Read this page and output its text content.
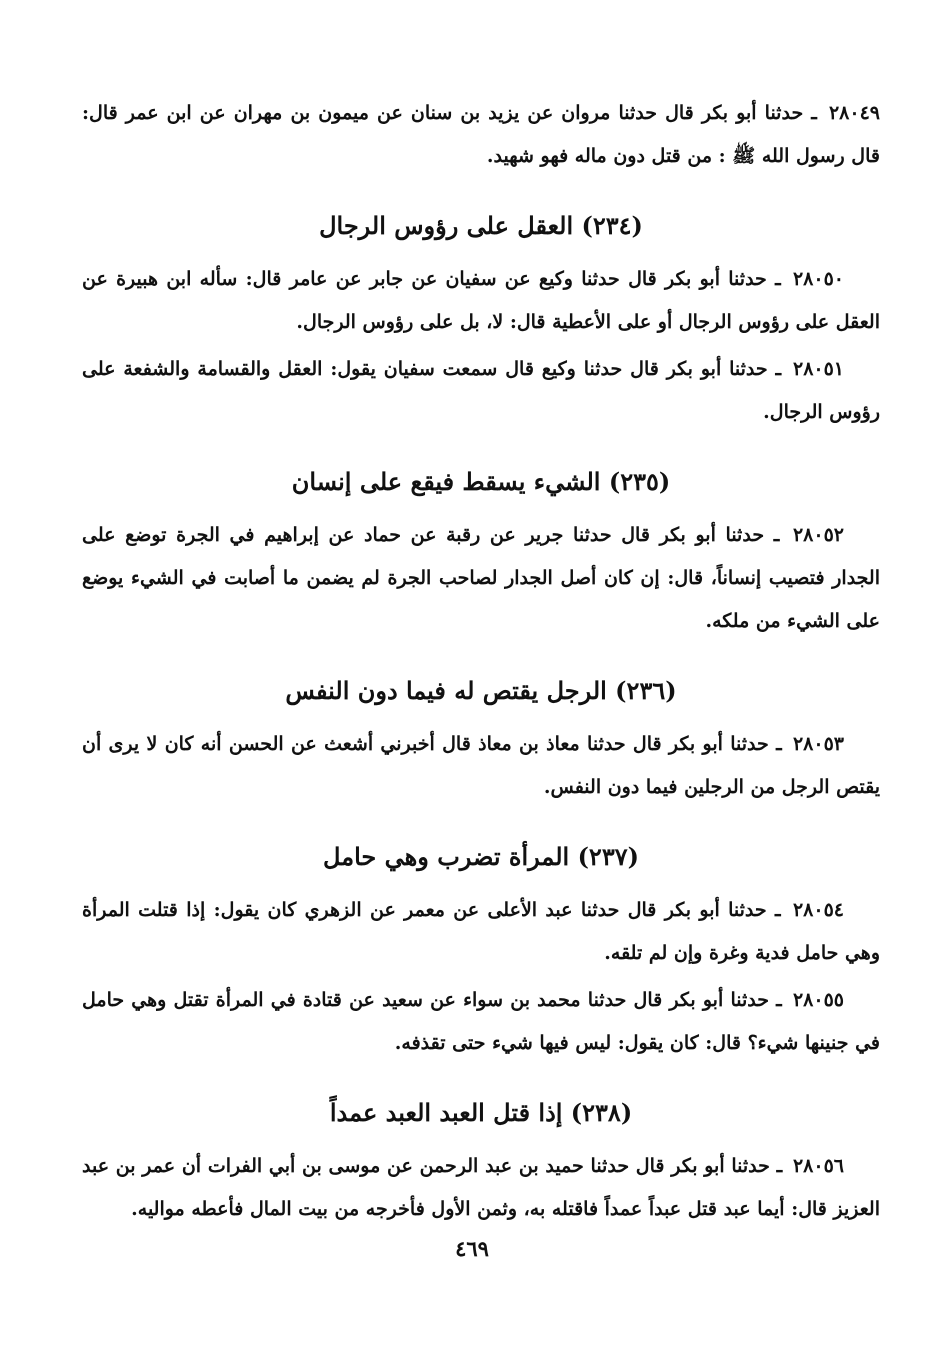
٢٨٠٤٩ ـ حدثنا أبو بكر قال حدثنا مروان عن يزيد بن سنان عن ميمون بن مهران عن ابن عمر قال: قال رسول الله ﷺ : من قتل دون ماله فهو شهيد.

(٢٣٤) العقل على رؤوس الرجال

٢٨٠٥٠ ـ حدثنا أبو بكر قال حدثنا وكيع عن سفيان عن جابر عن عامر قال: سأله ابن هبيرة عن العقل على رؤوس الرجال أو على الأعطية قال: لا، بل على رؤوس الرجال.

٢٨٠٥١ ـ حدثنا أبو بكر قال حدثنا وكيع قال سمعت سفيان يقول: العقل والقسامة والشفعة على رؤوس الرجال.

(٢٣٥) الشيء يسقط فيقع على إنسان

٢٨٠٥٢ ـ حدثنا أبو بكر قال حدثنا جرير عن رقبة عن حماد عن إبراهيم في الجرة توضع على الجدار فتصيب إنساناً، قال: إن كان أصل الجدار لصاحب الجرة لم يضمن ما أصابت في الشيء يوضع على الشيء من ملكه.

(٢٣٦) الرجل يقتص له فيما دون النفس

٢٨٠٥٣ ـ حدثنا أبو بكر قال حدثنا معاذ بن معاذ قال أخبرني أشعث عن الحسن أنه كان لا يرى أن يقتص الرجل من الرجلين فيما دون النفس.

(٢٣٧) المرأة تضرب وهي حامل

٢٨٠٥٤ ـ حدثنا أبو بكر قال حدثنا عبد الأعلى عن معمر عن الزهري كان يقول: إذا قتلت المرأة وهي حامل فدية وغرة وإن لم تلقه.

٢٨٠٥٥ ـ حدثنا أبو بكر قال حدثنا محمد بن سواء عن سعيد عن قتادة في المرأة تقتل وهي حامل في جنينها شيء؟ قال: كان يقول: ليس فيها شيء حتى تقذفه.

(٢٣٨) إذا قتل العبد العبد عمداً

٢٨٠٥٦ ـ حدثنا أبو بكر قال حدثنا حميد بن عبد الرحمن عن موسى بن أبي الفرات أن عمر بن عبد العزيز قال: أيما عبد قتل عبداً عمداً فاقتله به، وثمن الأول فأخرجه من بيت المال فأعطه مواليه.

٤٦٩
